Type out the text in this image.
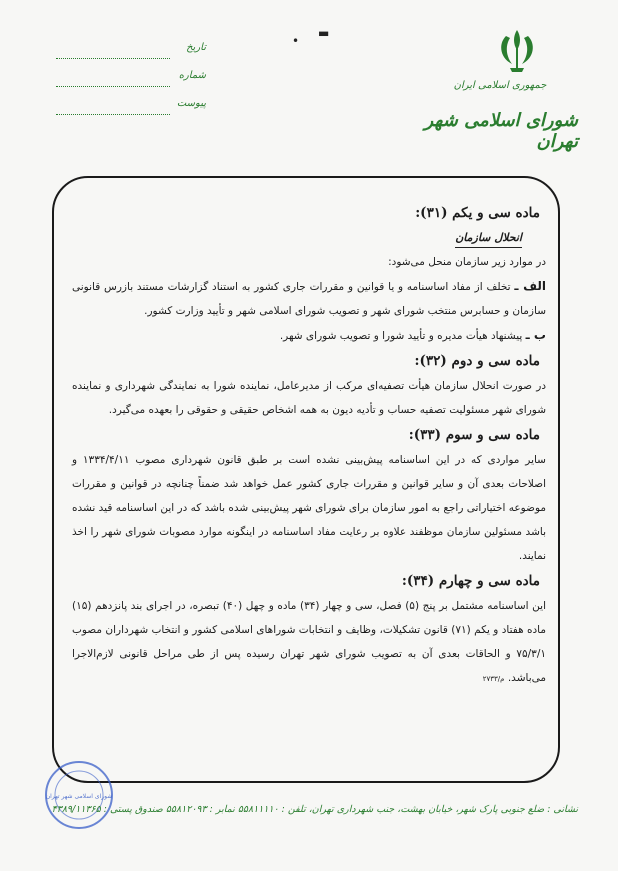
•
▬
جمهوری اسلامی ایران
شورای اسلامی شهر تهران
تاریخ
شماره
پیوست
ماده سی و یکم (۳۱):
انحلال سازمان

در موارد زیر سازمان منحل می‌شود:

الف ـ تخلف از مفاد اساسنامه و یا قوانین و مقررات جاری کشور به استناد گزارشات مستند بازرس قانونی سازمان و حسابرس منتخب شورای شهر و تصویب شورای اسلامی شهر و تأیید وزارت کشور.

ب ـ پیشنهاد هیأت مدیره و تأیید شورا و تصویب شورای شهر.

ماده سی و دوم (۳۲):

در صورت انحلال سازمان هیأت تصفیه‌ای مرکب از مدیرعامل، نماینده شورا به نمایندگی شهرداری و نماینده شورای شهر مسئولیت تصفیه حساب و تأدیه دیون به همه اشخاص حقیقی و حقوقی را بعهده می‌گیرد.

ماده سی و سوم (۳۳):

سایر مواردی که در این اساسنامه پیش‌بینی نشده است بر طبق قانون شهرداری مصوب ۱۳۳۴/۴/۱۱ و اصلاحات بعدی آن و سایر قوانین و مقررات جاری کشور عمل خواهد شد ضمناً چنانچه در قوانین و مقررات موضوعه اختیاراتی راجع به امور سازمان برای شورای شهر پیش‌بینی شده باشد که در این اساسنامه قید نشده باشد مسئولین سازمان موظفند علاوه بر رعایت مفاد اساسنامه در اینگونه موارد مصوبات شورای شهر را اخذ نمایند.

ماده سی و چهارم (۳۴):

این اساسنامه مشتمل بر پنج (۵) فصل، سی و چهار (۳۴) ماده و چهل (۴۰) تبصره، در اجرای بند پانزدهم (۱۵) ماده هفتاد و یکم (۷۱) قانون تشکیلات، وظایف و انتخابات شوراهای اسلامی کشور و انتخاب شهرداران مصوب ۷۵/۳/۱ و الحاقات بعدی آن به تصویب شورای شهر تهران رسیده پس از طی مراحل قانونی لازم‌الاجرا می‌باشد. م/۲۷۳۳

شورای اسلامی شهر تهران
نشانی : ضلع جنوبی پارک شهر، خیابان بهشت، جنب شهرداری تهران، تلفن : ۵۵۸۱۱۱۱۰ نمابر : ۵۵۸۱۲۰۹۳ صندوق پستی : ۴۳۸۹/۱۱۳۶۵
